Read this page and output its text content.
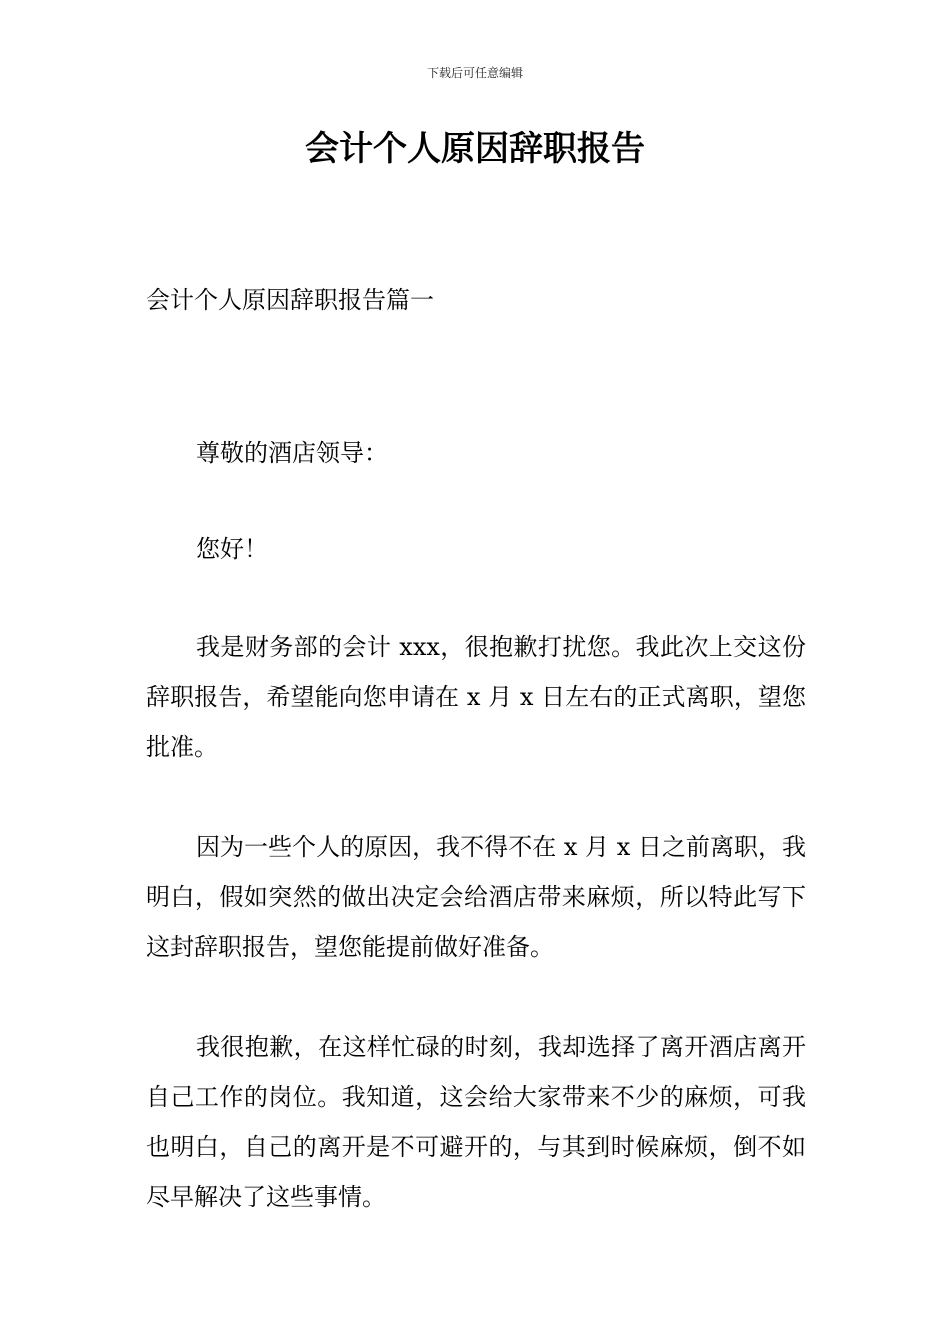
下载后可任意编辑
会计个人原因辞职报告
会计个人原因辞职报告篇一

尊敬的酒店领导：

您好！

我是财务部的会计 xxx，很抱歉打扰您。我此次上交这份辞职报告，希望能向您申请在 x 月 x 日左右的正式离职，望您批准。

因为一些个人的原因，我不得不在 x 月 x 日之前离职，我明白，假如突然的做出决定会给酒店带来麻烦，所以特此写下这封辞职报告，望您能提前做好准备。

我很抱歉，在这样忙碌的时刻，我却选择了离开酒店离开自己工作的岗位。我知道，这会给大家带来不少的麻烦，可我也明白，自己的离开是不可避开的，与其到时候麻烦，倒不如尽早解决了这些事情。
